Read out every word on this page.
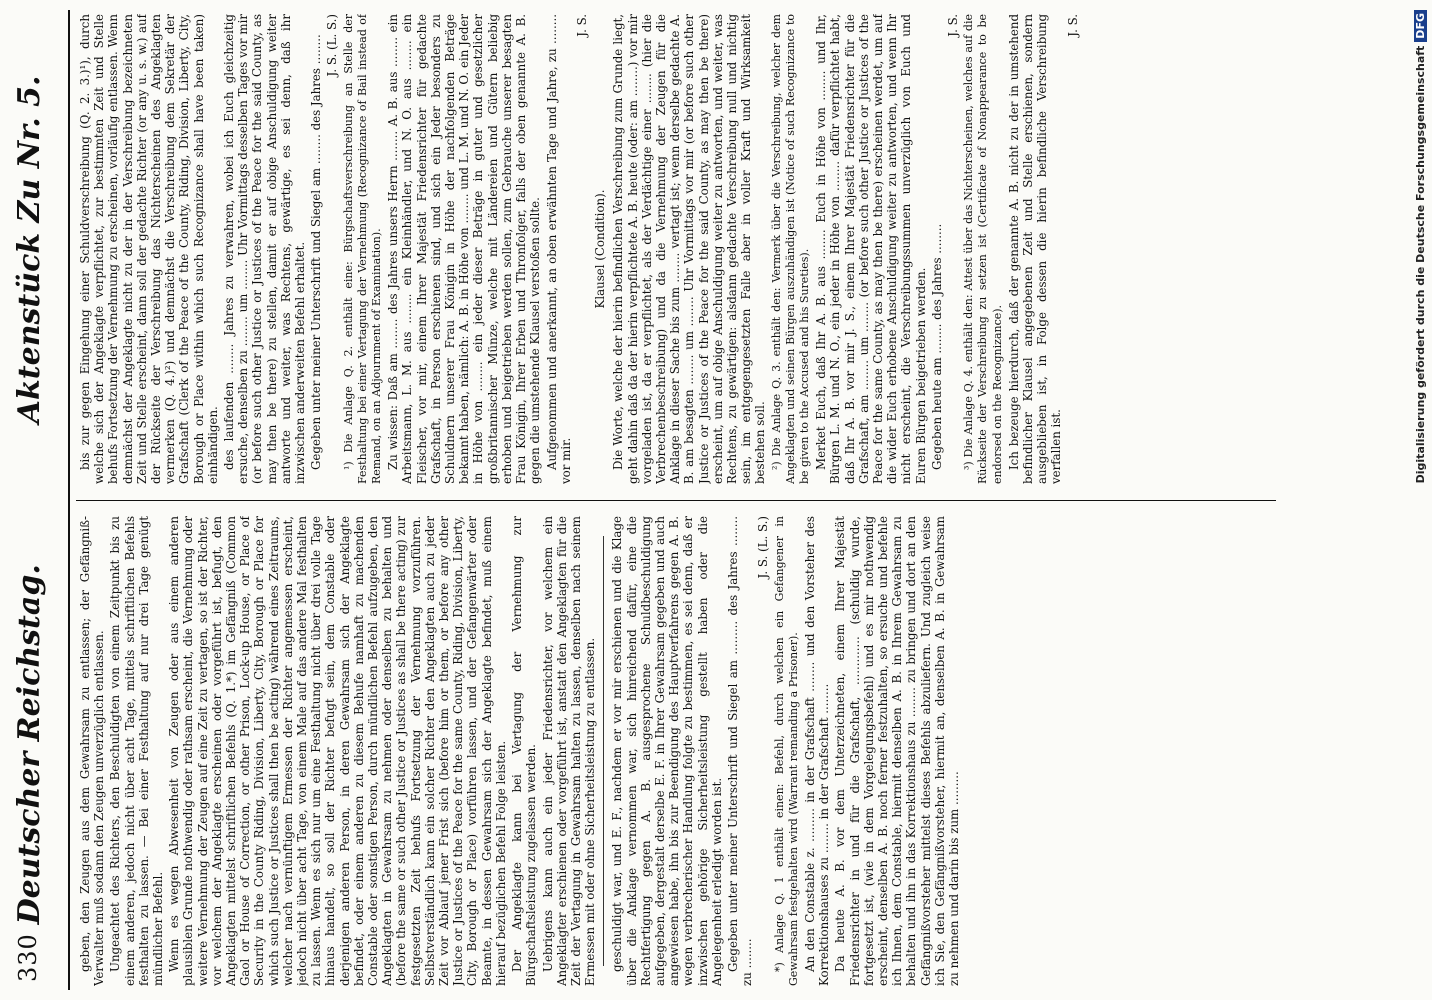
330
Deutscher Reichstag.  Aktenstück Zu Nr. 5.

geben, den Zeugen aus dem Gewahrsam zu entlassen; der Gefängniß-Verwalter muß sodann den Zeugen unverzüglich entlassen. Ungeachtet des Richters, den Beschuldigten von einem Zeitpunkt bis zu einem anderen, jedoch nicht über acht Tage, mittels schriftlichen Befehls festhalten zu lassen. — Bei einer Festhaltung auf nur drei Tage genügt mündlicher Befehl. Wenn es wegen Abwesenheit von Zeugen oder aus einem anderen plausiblen Grunde nothwendig oder rathsam erscheint, die Vernehmung oder weitere Vernehmung der Zeugen auf eine Zeit zu vertagen, so ist der Richter, vor welchem der Angeklagte erscheinen oder vorgeführt ist, befugt, den Angeklagten mittelst schriftlichen Befehls (Q. 1.*) im Gefängniß (Common Gaol or House of Correction, or other Prison, Lock-up House, or Place of Security in the County Riding, Division, Liberty, City, Borough or Place for which such Justice or Justices shall then be acting) während eines Zeitraums, welcher nach vernünftigem Ermessen der Richter angemessen erscheint, jedoch nicht über acht Tage, von einem Male auf das andere Mal festhalten zu lassen. Wenn es sich nur um eine Festhaltung nicht über drei volle Tage hinaus handelt, so soll der Richter befugt sein, dem Constable oder derjenigen anderen Person, in deren Gewahrsam sich der Angeklagte befindet, oder einem anderen zu diesem Behufe namhaft zu machenden Constable oder sonstigen Person, durch mündlichen Befehl aufzugeben, den Angeklagten in Gewahrsam zu nehmen oder denselben zu behalten und (before the same or such other Justice or Justices as shall be there acting) zur festgesetzten Zeit behufs Fortsetzung der Vernehmung vorzuführen. Selbstverständlich kann ein solcher Richter den Angeklagten auch zu jeder Zeit vor Ablauf jener Frist sich (before him or them, or before any other Justice or Justices of the Peace for the same County, Riding, Division, Liberty, City, Borough or Place) vorführen lassen, und der Gefangenwärter oder Beamte, in dessen Gewahrsam sich der Angeklagte befindet, muß einem hierauf bezüglichen Befehl Folge leisten. Der Angeklagte kann bei Vertagung der Vernehmung zur Bürgschaftsleistung zugelassen werden. Uebrigens kann auch ein jeder Friedensrichter, vor welchem ein Angeklagter erschienen oder vorgeführt ist, anstatt den Angeklagten für die Zeit der Vertagung in Gewahrsam halten zu lassen, denselben nach seinem Ermessen mit oder ohne Sicherheitsleistung zu entlassen. geschuldigt war, und E. F., nachdem er vor mir erschienen und die Klage über die Anklage vernommen war, sich hinreichend dafür, eine die Rechtfertigung gegen A. B. ausgesprochene Schuldbeschuldigung aufgegeben, dergestalt derselbe E. F. in Ihrer Gewahrsam gegeben und auch angewiesen habe, ihn bis zur Beendigung des Hauptverfahrens gegen A. B. wegen verbrecherischer Handlung folgte zu bestimmen, es sei denn, daß er inzwischen gehörige Sicherheitsleistung gestellt haben oder die Angelegenheit erledigt worden ist. Gegeben unter meiner Unterschrift und Siegel am ......... des Jahres ........ zu ........

J. S. (L. S.) *) Anlage Q. 1 enthält einen: Befehl, durch welchen ein Gefangener in Gewahrsam festgehalten wird (Warrant remanding a Prisoner). An den Constable z. ......... in der Grafschaft ........ und den Vorsteher des Korrektionshauses zu ........ in der Grafschaft ........ Da heute A. B. vor dem Unterzeichneten, einem Ihrer Majestät Friedensrichter in und für die Grafschaft, ............. (schuldig wurde, fortgesetzt ist, (wie in dem Vorgelegungsbefehl) und es mir nothwendig erscheint, denselben A. B. noch ferner festzuhalten, so ersuche und befehle ich Ihnen, dem Constable, hiermit denselben A. B. in Ihrem Gewahrsam zu behalten und ihn in das Korrektionshaus zu ........ zu bringen und dort an den Gefängnißvorsteher mittelst dieses Befehls abzuliefern. Und zugleich weise ich Sie, den Gefängnißvorsteher, hiermit an, denselben A. B. in Gewahrsam zu nehmen und darin bis zum .........

bis zur gegen Eingehung einer Schuldverschreibung (Q. 2. 3.)¹), durch welche sich der Angeklagte verpflichtet, zur bestimmten Zeit und Stelle behufs Fortsetzung der Vernehmung zu erscheinen, vorläufig entlassen. Wenn demnächst der Angeklagte nicht zu der in der Verschreibung bezeichneten Zeit und Stelle erscheint, dann soll der gedachte Richter (or any u. s. w.) auf der Rückseite der Verschreibung das Nichterscheinen des Angeklagten vermerken (Q. 4.)²) und demnächst die Verschreibung dem Sekretär der Grafschaft (Clerk of the Peace of the County, Riding, Division, Liberty, City, Borough or Place within which such Recognizance shall have been taken) einhändigen. des laufenden ........ Jahres zu verwahren, wobei ich Euch gleichzeitig ersuche, denselben zu ........ um ........ Uhr Vormittags desselben Tages vor mir (or before such other Justice or Justices of the Peace for the said County, as may then be there) zu stellen, damit er auf obige Anschuldigung weiter antworte und weiter, was Rechtens, gewärtige, es sei denn, daß ihr inzwischen anderweiten Befehl erhaltet. Gegeben unter meiner Unterschrift und Siegel am ........ des Jahres ........ J. S. (L. S.) ¹) Die Anlage Q. 2. enthält eine: Bürgschaftsverschreibung an Stelle der Festhaltung bei einer Vertagung der Vernehmung (Recognizance of Bail instead of Remand, on an Adjournment of Examination). Zu wissen: Daß am ........ des Jahres unsers Herrn ........ A. B. aus ........ ein Arbeitsmann, L. M. aus ........ ein Kleinhändler, und N. O. aus ........ ein Fleischer, vor mir, einem Ihrer Majestät Friedensrichter für gedachte Grafschaft, in Person erschienen sind, und sich ein Jeder besonders zu Schuldnern unserer Frau Königin in Höhe der nachfolgenden Beträge bekannt haben, nämlich: A. B. in Höhe von ........ und L. M. und N. O. ein Jeder in Höhe von ........ ein jeder dieser Beträge in guter und gesetzlicher großbritannischer Münze, welche mit Ländereien und Gütern beliebig erhoben und beigetrieben werden sollen, zum Gebrauche unserer besagten Frau Königin, Ihrer Erben und Thronfolger, falls der oben genannte A. B. gegen die umstehende Klausel verstoßen sollte. Aufgenommen und anerkannt, an oben erwähnten Tage und Jahre, zu ........ vor mir.

J. S.

Klausel (Condition). Die Worte, welche der hierin befindlichen Verschreibung zum Grunde liegt, geht dahin daß da der hierin verpflichtete A. B. heute (oder: am ........) vor mir vorgeladen ist, da er verpflichtet, als der Verdächtige einer ........ (hier die Verbrechenbeschreibung) und da die Vernehmung der Zeugen für die Anklage in dieser Sache bis zum ........ vertagt ist; wenn derselbe gedachte A. B. am besagten ........ um ........ Uhr Vormittags vor mir (or before such other Justice or Justices of the Peace for the said County, as may then be there) erscheint, um auf obige Anschuldigung weiter zu antworten, und weiter, was Rechtens, zu gewärtigen: alsdann gedachte Verschreibung null und nichtig sein, im entgegengesetzten Falle aber in voller Kraft und Wirksamkeit bestehen soll. ²) Die Anlage Q. 3. enthält den: Vermerk über die Verschreibung, welcher dem Angeklagten und seinen Bürgen auszuhändigen ist (Notice of such Recognizance to be given to the Accused and his Sureties). Merket Euch, daß Ihr A. B. aus ........ Euch in Höhe von ........ und Ihr, Bürgen L. M. und N. O., ein jeder in Höhe von ........ dafür verpflichtet habt, daß Ihr A. B. vor mir J. S., einem Ihrer Majestät Friedensrichter für die Grafschaft, am ........ um ........ (or before such other Justice or Justices of the Peace for the same County, as may then be there) erscheinen werdet, um auf die wider Euch erhobene Anschuldigung weiter zu antworten, und wenn Ihr nicht erscheint, die Verschreibungssummen unverzüglich von Euch und Euren Bürgen beigetrieben werden. Gegeben heute am ........ des Jahres ........

J. S. ³) Die Anlage Q. 4. enthält den: Attest über das Nichterscheinen, welches auf die Rückseite der Verschreibung zu setzen ist (Certificate of Nonappearance to be endorsed on the Recognizance). Ich bezeuge hierdurch, daß der genannte A. B. nicht zu der in umstehend befindlicher Klausel angegebenen Zeit und Stelle erschienen, sondern ausgeblieben ist, in Folge dessen die hierin befindliche Verschreibung verfallen ist.

J. S.

Digitalisierung gefördert durch die Deutsche ForschungsgemeinschaftDFG
